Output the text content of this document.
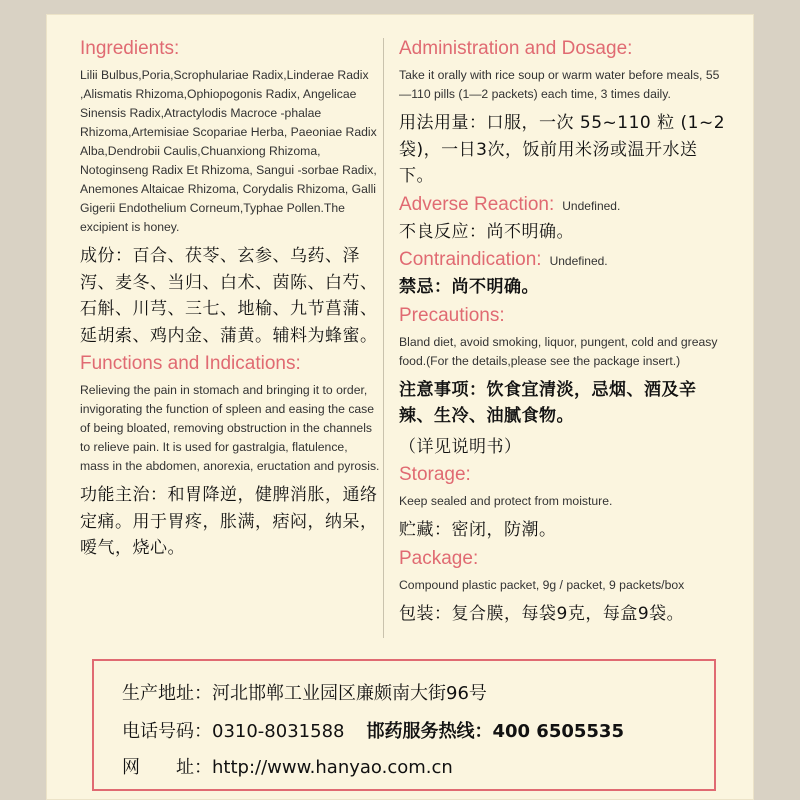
Ingredients:
Lilii Bulbus,Poria,Scrophulariae Radix,Linderae Radix ,Alismatis Rhizoma,Ophiopogonis Radix, Angelicae Sinensis Radix,Atractylodis Macroce -phalae Rhizoma,Artemisiae Scopariae Herba, Paeoniae Radix Alba,Dendrobii Caulis,Chuanxiong Rhizoma, Notoginseng Radix Et Rhizoma, Sangui -sorbae Radix, Anemones Altaicae Rhizoma, Corydalis Rhizoma, Galli Gigerii Endothelium Corneum,Typhae Pollen.The excipient is honey.
成份：百合、茯苓、玄参、乌药、泽泻、麦冬、当归、白术、茵陈、白芍、石斛、川芎、三七、地榆、九节菖蒲、延胡索、鸡内金、蒲黄。辅料为蜂蜜。
Functions and Indications:
Relieving the pain in stomach and bringing it to order, invigorating the function of spleen and easing the case of being bloated, removing obstruction in the channels to relieve pain. It is used for gastralgia, flatulence, mass in the abdomen, anorexia, eructation and pyrosis.
功能主治：和胃降逆，健脾消胀，通络定痛。用于胃疼，胀满，痞闷，纳呆，嗳气，烧心。
Administration and Dosage:
Take it orally with rice soup or warm water before meals, 55—110 pills (1—2 packets) each time, 3 times daily.
用法用量：口服，一次 55~110 粒 (1~2袋)，一日3次，饭前用米汤或温开水送下。
Adverse Reaction: Undefined.
不良反应：尚不明确。
Contraindication: Undefined.
禁忌：尚不明确。
Precautions:
Bland diet, avoid smoking, liquor, pungent, cold and greasy food.(For the details,please see the package insert.)
注意事项：饮食宜清淡，忌烟、酒及辛辣、生冷、油腻食物。
（详见说明书）
Storage:
Keep sealed and protect from moisture.
贮藏：密闭，防潮。
Package:
Compound plastic packet, 9g / packet, 9 packets/box
包装：复合膜，每袋9克，每盒9袋。
生产地址：河北邯郸工业园区廉颇南大街96号
电话号码：0310-8031588 邯药服务热线：400 6505535
网　　址：http://www.hanyao.com.cn
